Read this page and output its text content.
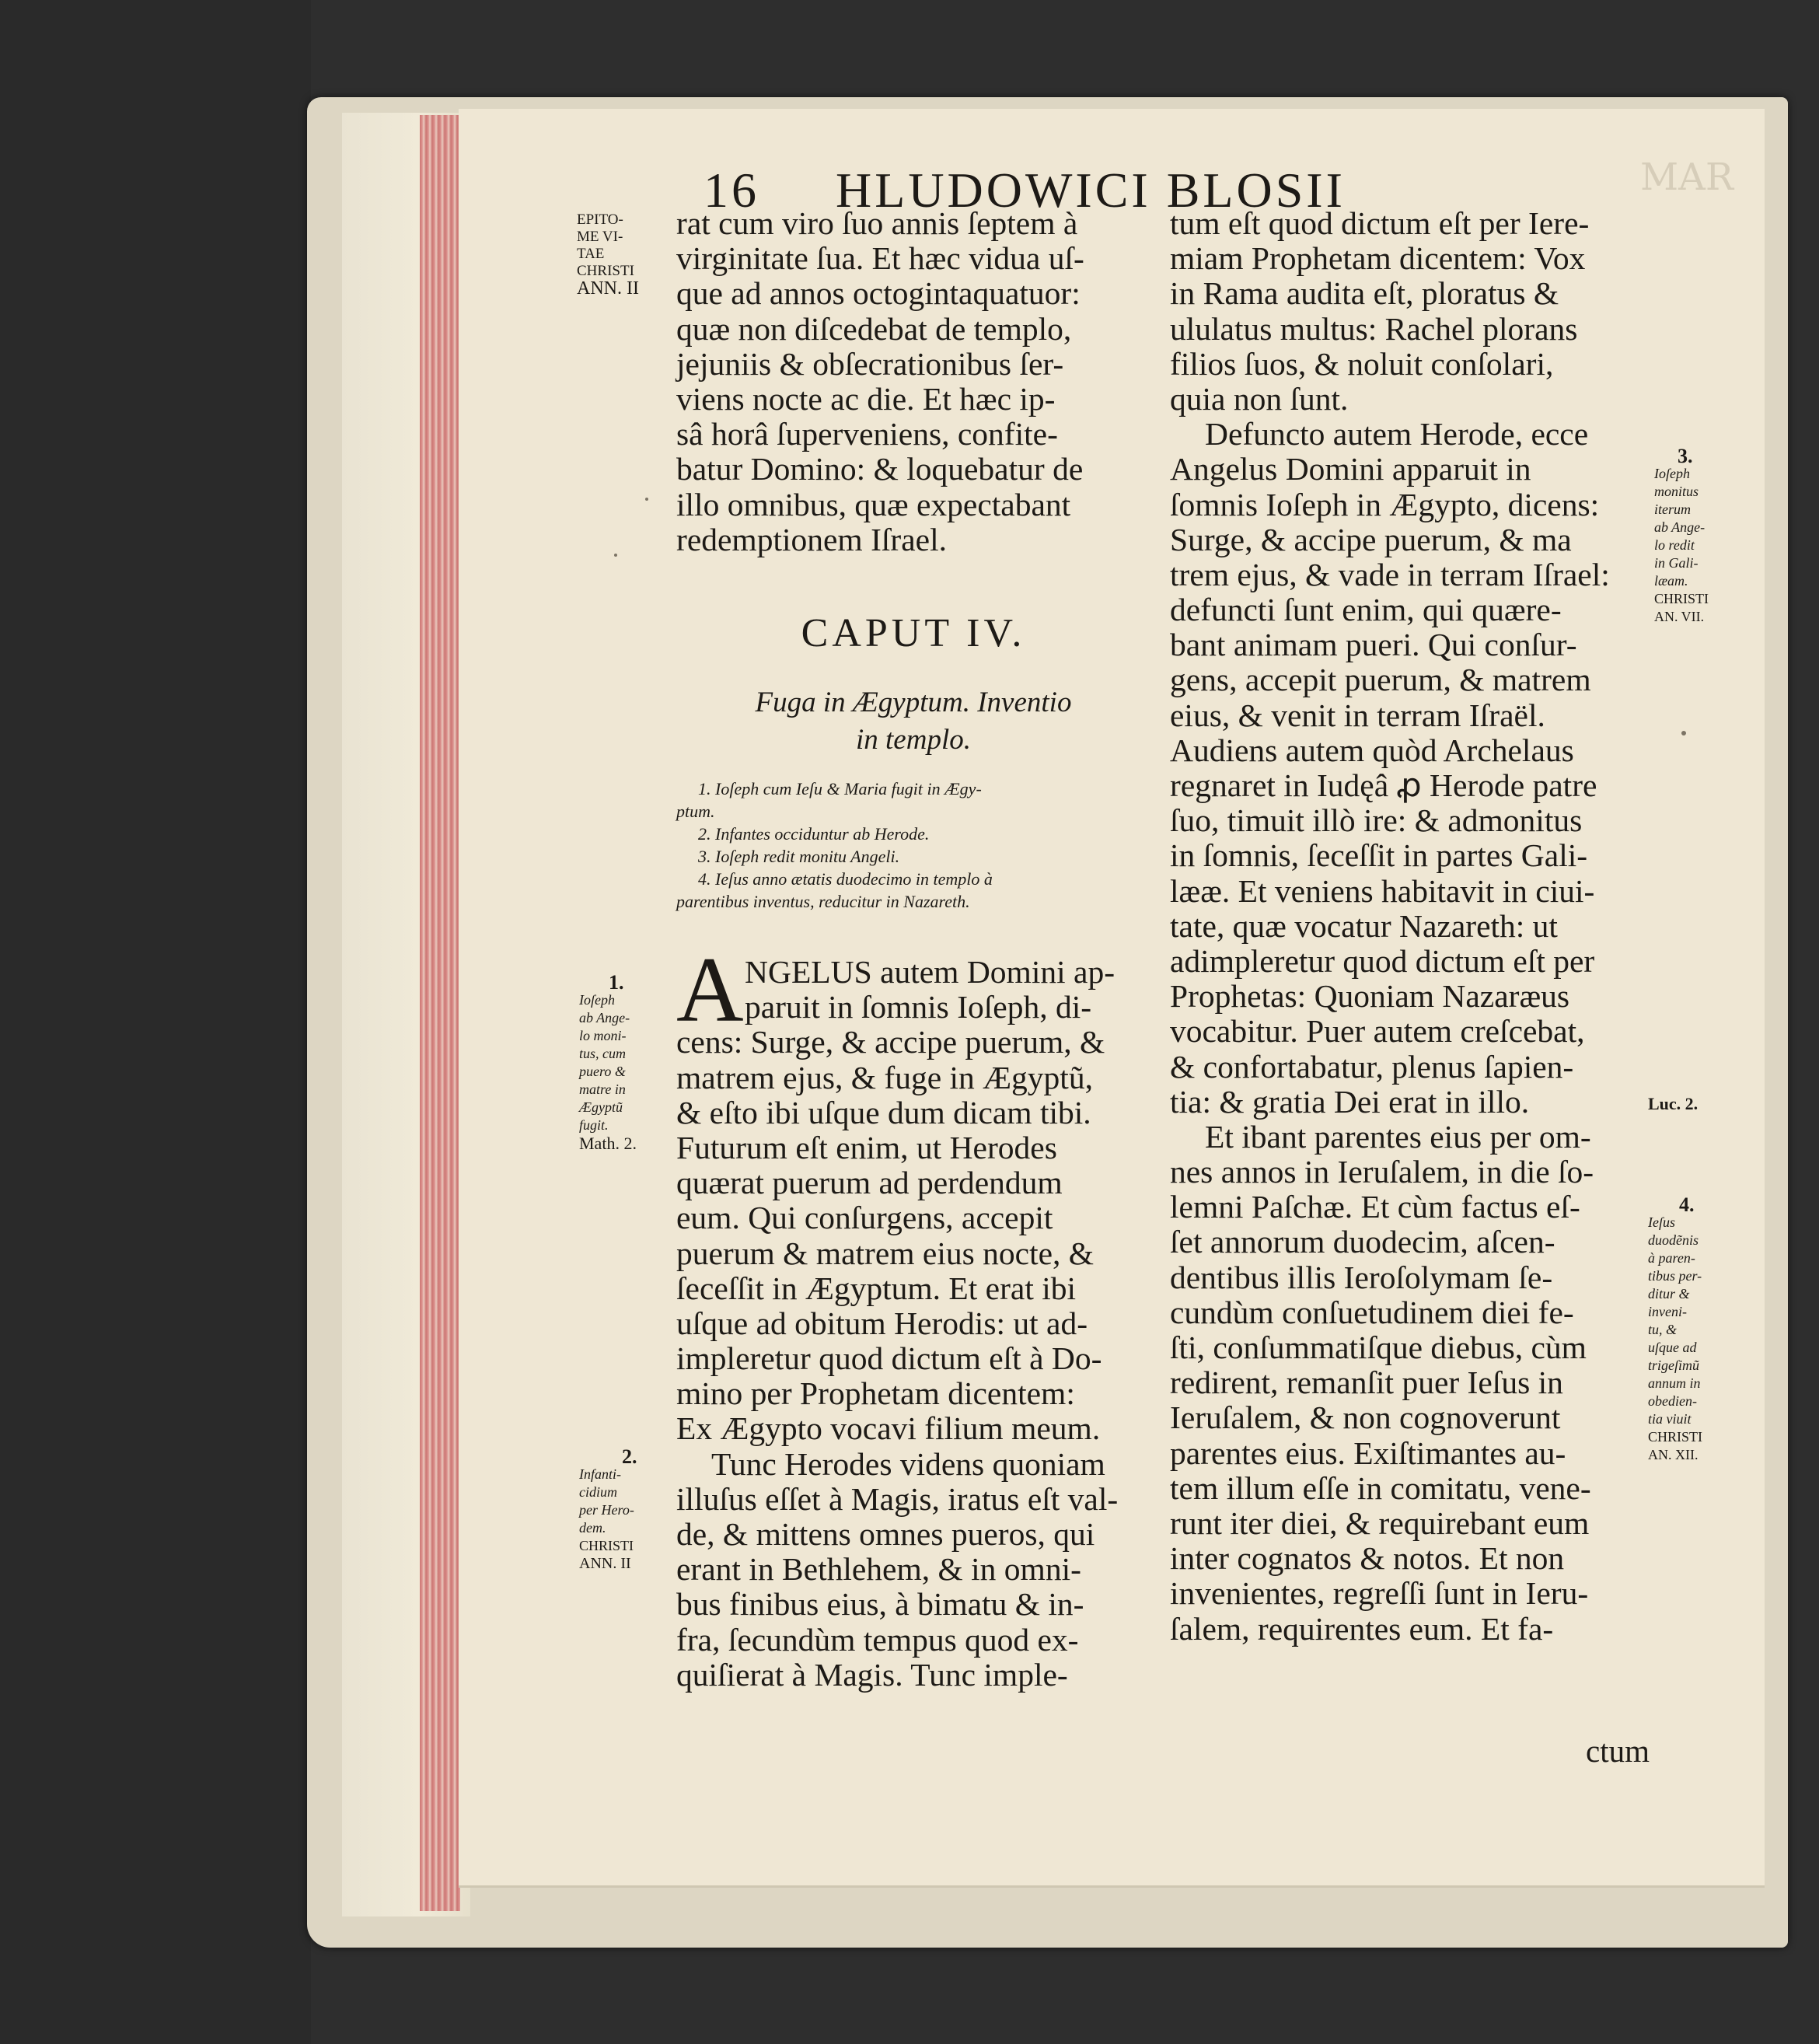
MAR
16 HLUDOWICI BLOSII
rat cum viro ſuo annis ſeptem à
virginitate ſua. Et hæc vidua uſ-
que ad annos octogintaquatuor:
quæ non diſcedebat de templo,
jejuniis & obſecrationibus ſer-
viens nocte ac die. Et hæc ip-
sâ horâ ſuperveniens, confite-
batur Domino: & loquebatur de
illo omnibus, quæ expectabant
redemptionem Iſrael.
CAPUT IV.
Fuga in Ægyptum. Inventio
in templo.
1. Ioſeph cum Ieſu & Maria fugit in Ægy-
ptum.
2. Infantes occiduntur ab Herode.
3. Ioſeph redit monitu Angeli.
4. Ieſus anno ætatis duodecimo in templo à
parentibus inventus, reducitur in Nazareth.
A NGELUS autem Domini ap-
paruit in ſomnis Ioſeph, di-
cens: Surge, & accipe puerum, &
matrem ejus, & fuge in Ægyptũ,
& eſto ibi uſque dum dicam tibi.
Futurum eſt enim, ut Herodes
quærat puerum ad perdendum
eum. Qui conſurgens, accepit
puerum & matrem eius nocte, &
ſeceſſit in Ægyptum. Et erat ibi
uſque ad obitum Herodis: ut ad-
impleretur quod dictum eſt à Do-
mino per Prophetam dicentem:
Ex Ægypto vocavi filium meum.
Tunc Herodes videns quoniam
illuſus eſſet à Magis, iratus eſt val-
de, & mittens omnes pueros, qui
erant in Bethlehem, & in omni-
bus finibus eius, à bimatu & in-
fra, ſecundùm tempus quod ex-
quiſierat à Magis. Tunc imple-
tum eſt quod dictum eſt per Iere-
miam Prophetam dicentem: Vox
in Rama audita eſt, ploratus &
ululatus multus: Rachel plorans
filios ſuos, & noluit conſolari,
quia non ſunt.
Defuncto autem Herode, ecce
Angelus Domini apparuit in
ſomnis Ioſeph in Ægypto, dicens:
Surge, & accipe puerum, & ma
trem ejus, & vade in terram Iſrael:
defuncti ſunt enim, qui quære-
bant animam pueri. Qui conſur-
gens, accepit puerum, & matrem
eius, & venit in terram Iſraël.
Audiens autem quòd Archelaus
regnaret in Iudęâ ꝓ Herode patre
ſuo, timuit illò ire: & admonitus
in ſomnis, ſeceſſit in partes Gali-
lææ. Et veniens habitavit in ciui-
tate, quæ vocatur Nazareth: ut
adimpleretur quod dictum eſt per
Prophetas: Quoniam Nazaræus
vocabitur. Puer autem creſcebat,
& confortabatur, plenus ſapien-
tia: & gratia Dei erat in illo.
Et ibant parentes eius per om-
nes annos in Ieruſalem, in die ſo-
lemni Paſchæ. Et cùm factus eſ-
ſet annorum duodecim, aſcen-
dentibus illis Ieroſolymam ſe-
cundùm conſuetudinem diei fe-
ſti, conſummatiſque diebus, cùm
redirent, remanſit puer Ieſus in
Ieruſalem, & non cognoverunt
parentes eius. Exiſtimantes au-
tem illum eſſe in comitatu, vene-
runt iter diei, & requirebant eum
inter cognatos & notos. Et non
invenientes, regreſſi ſunt in Ieru-
ſalem, requirentes eum. Et fa-
ctum
EPITO-
ME VI-
TAE
CHRISTI
ANN. II
1.
Ioſeph
ab Ange-
lo moni-
tus, cum
puero &
matre in
Ægyptũ
fugit.
Math. 2.
2.
Infanti-
cidium
per Hero-
dem.
CHRISTI
ANN. II
3.
Ioſeph
monitus
iterum
ab Ange-
lo redit
in Gali-
læam.
CHRISTI
AN. VII.
Luc. 2.
4.
Ieſus
duodẽnis
à paren-
tibus per-
ditur &
inveni-
tu, &
uſque ad
trigeſimũ
annum in
obedien-
tia viuit
CHRISTI
AN. XII.
